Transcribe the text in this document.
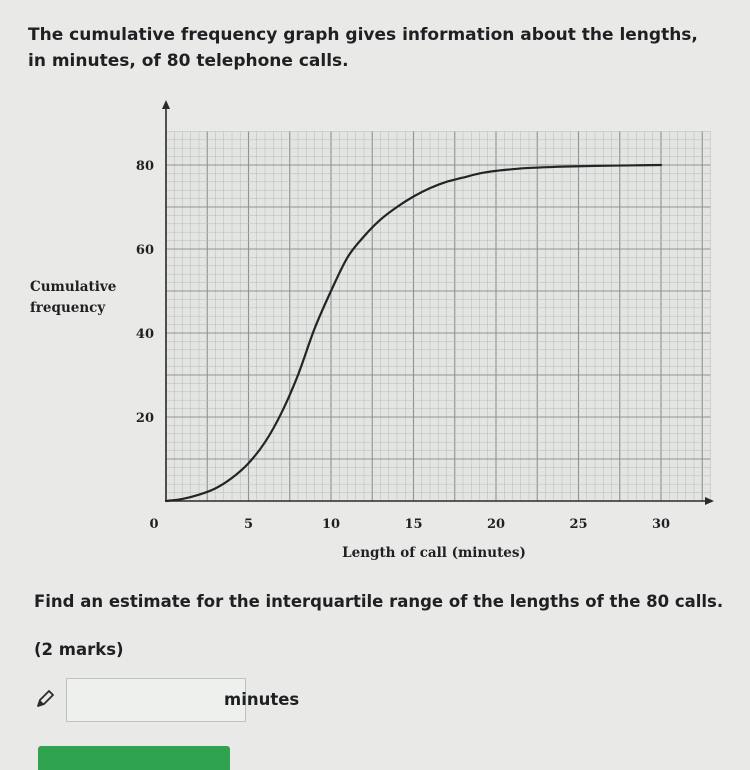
The cumulative frequency graph gives information about the lengths, in minutes, of 80 telephone calls.

0	5	10	15	20	25	30
20
40
60
80
Cumulative frequency
Length of call (minutes)

Find an estimate for the interquartile range of the lengths of the 80 calls.

(2 marks)

minutes
